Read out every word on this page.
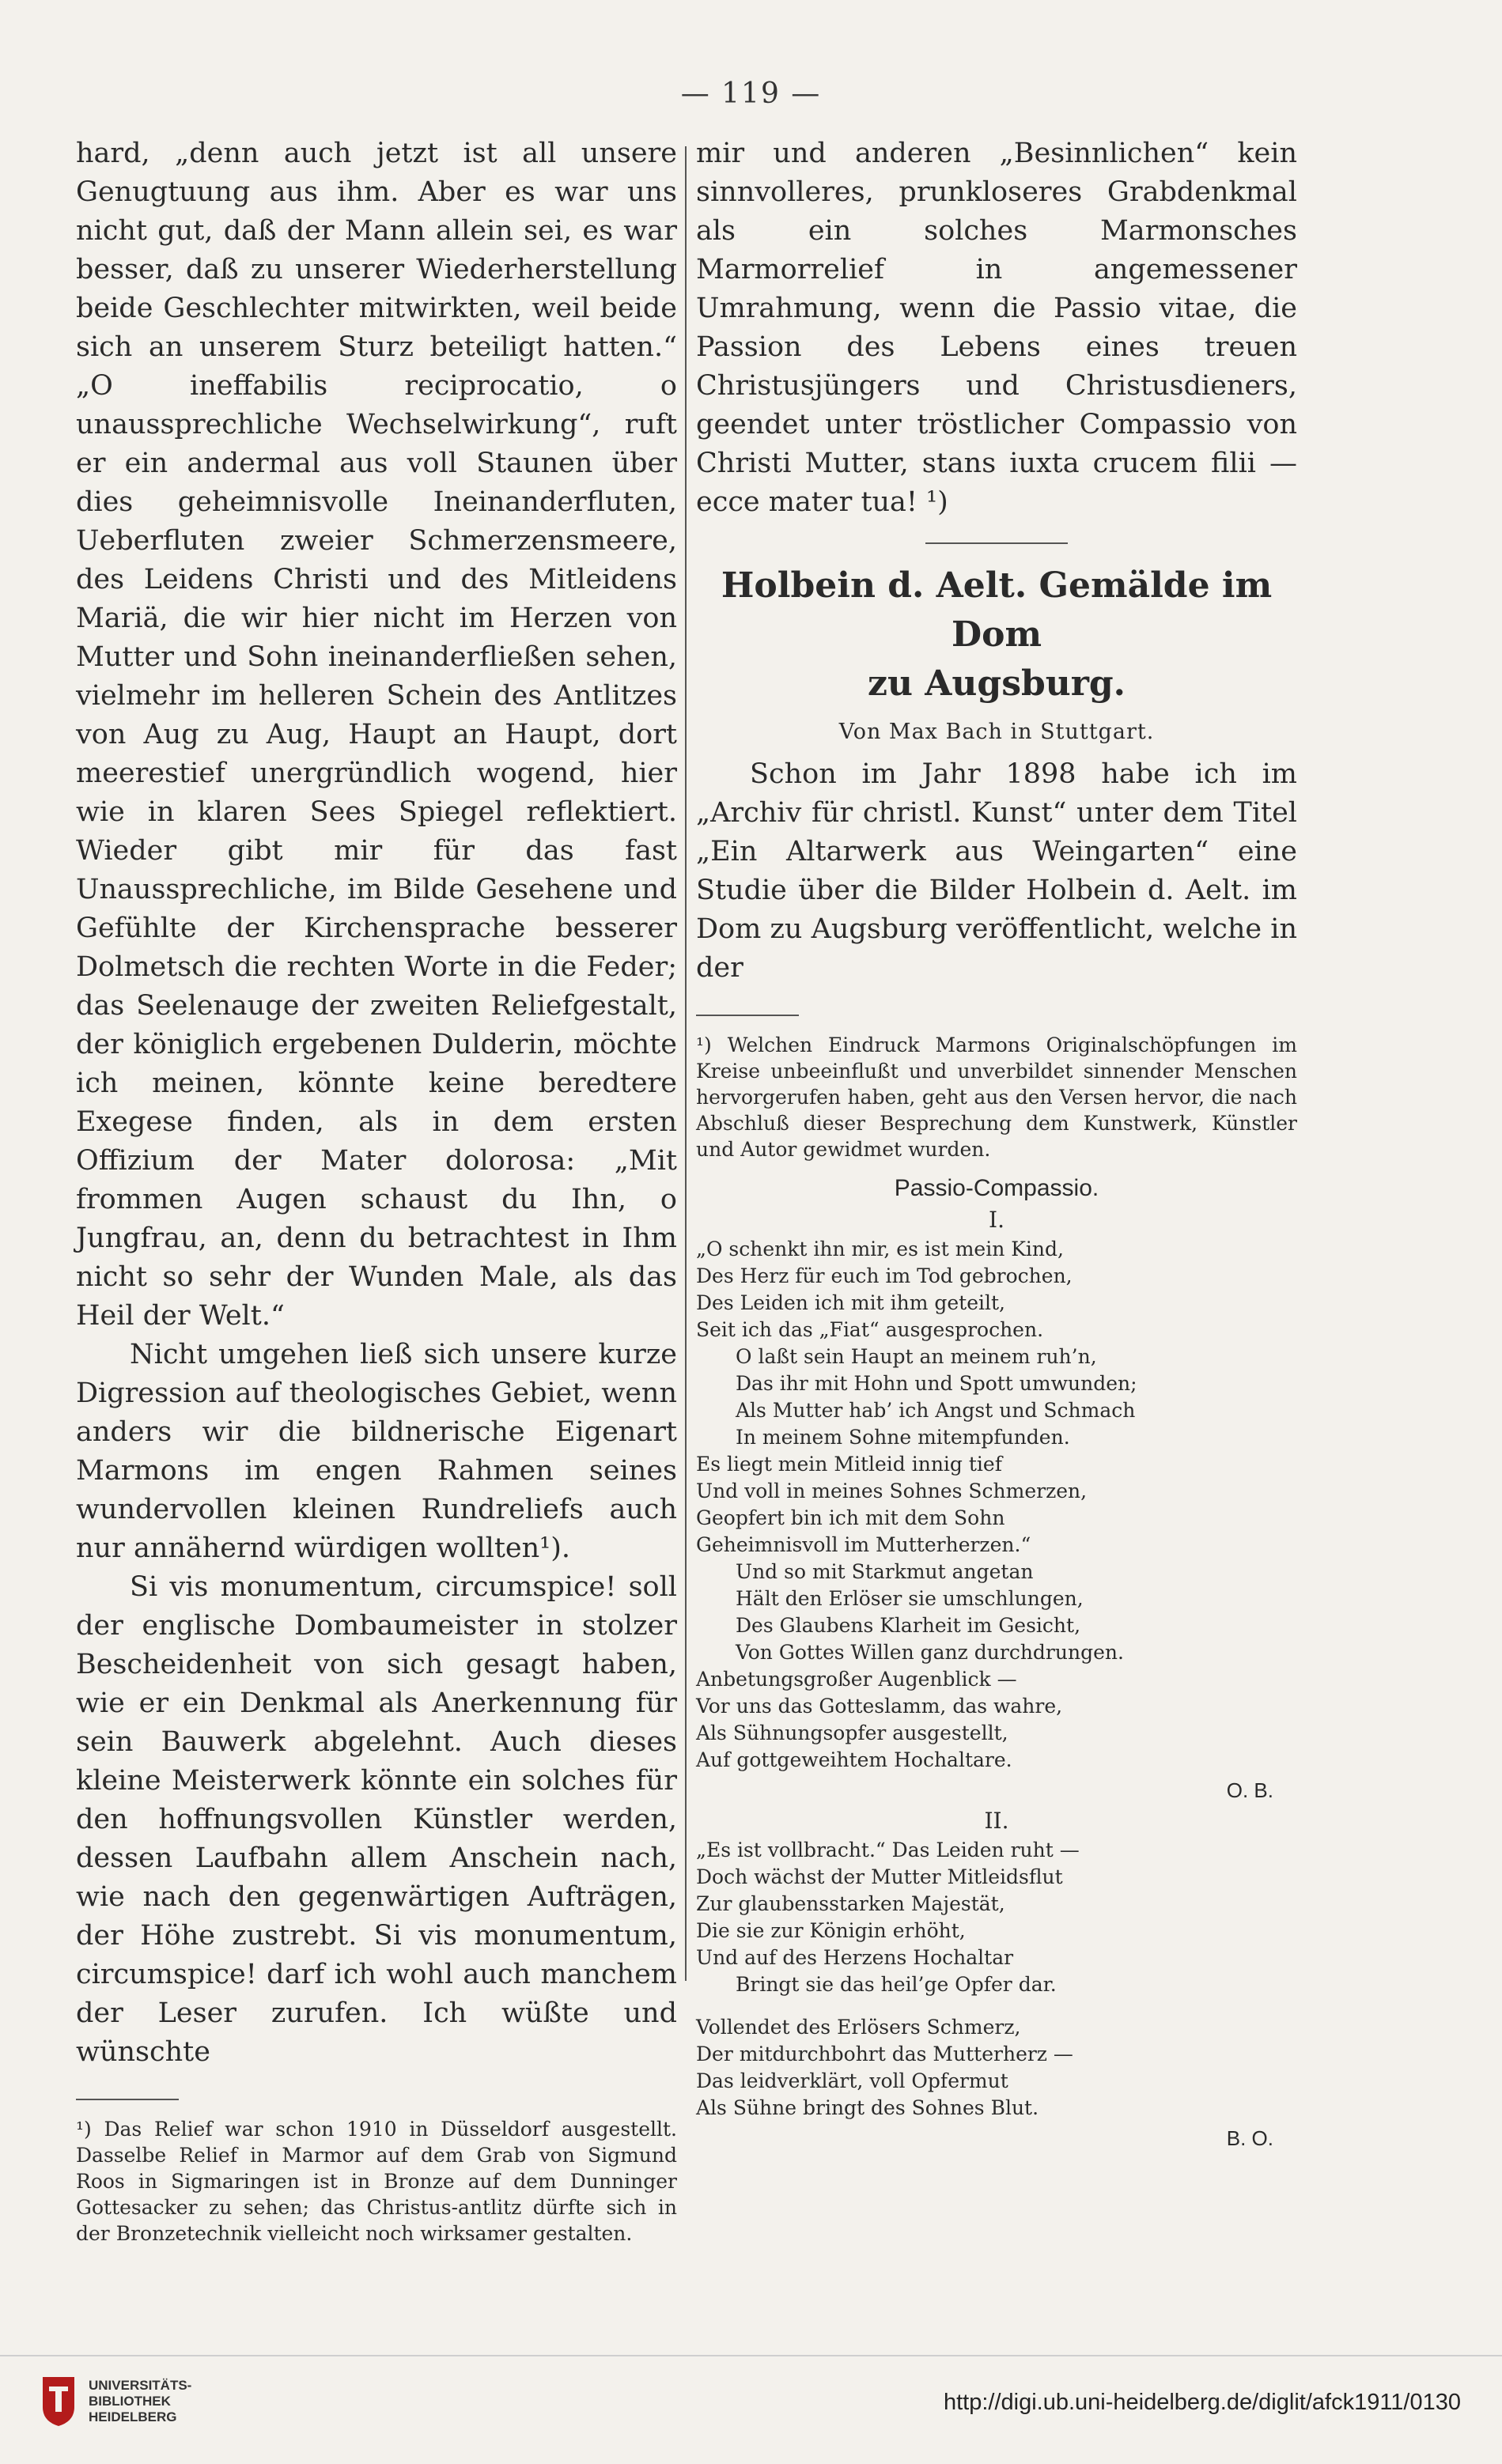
— 119 —

hard, „denn auch jetzt ist all unsere Genugtuung aus ihm. Aber es war uns nicht gut, daß der Mann allein sei, es war besser, daß zu unserer Wiederherstellung beide Geschlechter mitwirkten, weil beide sich an unserem Sturz beteiligt hatten.“ „O ineffabilis reciprocatio, o unaussprechliche Wechselwirkung“, ruft er ein andermal aus voll Staunen über dies geheimnisvolle Ineinanderfluten, Ueberfluten zweier Schmerzensmeere, des Leidens Christi und des Mitleidens Mariä, die wir hier nicht im Herzen von Mutter und Sohn ineinanderfließen sehen, vielmehr im helleren Schein des Antlitzes von Aug zu Aug, Haupt an Haupt, dort meerestief unergründlich wogend, hier wie in klaren Sees Spiegel reflektiert. Wieder gibt mir für das fast Unaussprechliche, im Bilde Gesehene und Gefühlte der Kirchensprache besserer Dolmetsch die rechten Worte in die Feder; das Seelenauge der zweiten Reliefgestalt, der königlich ergebenen Dulderin, möchte ich meinen, könnte keine beredtere Exegese finden, als in dem ersten Offizium der Mater dolorosa: „Mit frommen Augen schaust du Ihn, o Jungfrau, an, denn du betrachtest in Ihm nicht so sehr der Wunden Male, als das Heil der Welt.“

Nicht umgehen ließ sich unsere kurze Digression auf theologisches Gebiet, wenn anders wir die bildnerische Eigenart Marmons im engen Rahmen seines wundervollen kleinen Rundreliefs auch nur annähernd würdigen wollten¹).

Si vis monumentum, circumspice! soll der englische Dombaumeister in stolzer Bescheidenheit von sich gesagt haben, wie er ein Denkmal als Anerkennung für sein Bauwerk abgelehnt. Auch dieses kleine Meisterwerk könnte ein solches für den hoffnungsvollen Künstler werden, dessen Laufbahn allem Anschein nach, wie nach den gegenwärtigen Aufträgen, der Höhe zustrebt. Si vis monumentum, circumspice! darf ich wohl auch manchem der Leser zurufen. Ich wüßte und wünschte

¹) Das Relief war schon 1910 in Düsseldorf ausgestellt. Dasselbe Relief in Marmor auf dem Grab von Sigmund Roos in Sigmaringen ist in Bronze auf dem Dunninger Gottesacker zu sehen; das Christus-antlitz dürfte sich in der Bronzetechnik vielleicht noch wirksamer gestalten.

mir und anderen „Besinnlichen“ kein sinnvolleres, prunkloseres Grabdenkmal als ein solches Marmonsches Marmorrelief in angemessener Umrahmung, wenn die Passio vitae, die Passion des Lebens eines treuen Christusjüngers und Christusdieners, geendet unter tröstlicher Compassio von Christi Mutter, stans iuxta crucem filii — ecce mater tua! ¹)

Holbein d. Aelt. Gemälde im Dom
zu Augsburg.

Von Max Bach in Stuttgart.

Schon im Jahr 1898 habe ich im „Archiv für christl. Kunst“ unter dem Titel „Ein Altarwerk aus Weingarten“ eine Studie über die Bilder Holbein d. Aelt. im Dom zu Augsburg veröffentlicht, welche in der

¹) Welchen Eindruck Marmons Originalschöpfungen im Kreise unbeeinflußt und unverbildet sinnender Menschen hervorgerufen haben, geht aus den Versen hervor, die nach Abschluß dieser Besprechung dem Kunstwerk, Künstler und Autor gewidmet wurden.

Passio-Compassio.

I.

„O schenkt ihn mir, es ist mein Kind,

Des Herz für euch im Tod gebrochen,

Des Leiden ich mit ihm geteilt,

Seit ich das „Fiat“ ausgesprochen.

O laßt sein Haupt an meinem ruh’n,

Das ihr mit Hohn und Spott umwunden;

Als Mutter hab’ ich Angst und Schmach

In meinem Sohne mitempfunden.

Es liegt mein Mitleid innig tief

Und voll in meines Sohnes Schmerzen,

Geopfert bin ich mit dem Sohn

Geheimnisvoll im Mutterherzen.“

Und so mit Starkmut angetan

Hält den Erlöser sie umschlungen,

Des Glaubens Klarheit im Gesicht,

Von Gottes Willen ganz durchdrungen.

Anbetungsgroßer Augenblick —

Vor uns das Gotteslamm, das wahre,

Als Sühnungsopfer ausgestellt,

Auf gottgeweihtem Hochaltare.

O. B.

II.

„Es ist vollbracht.“ Das Leiden ruht —

Doch wächst der Mutter Mitleidsflut

Zur glaubensstarken Majestät,

Die sie zur Königin erhöht,

Und auf des Herzens Hochaltar

Bringt sie das heil’ge Opfer dar.

Vollendet des Erlösers Schmerz,

Der mitdurchbohrt das Mutterherz —

Das leidverklärt, voll Opfermut

Als Sühne bringt des Sohnes Blut.

B. O.

UNIVERSITÄTS-
BIBLIOTHEK
HEIDELBERG
http://digi.ub.uni-heidelberg.de/diglit/afck1911/0130
